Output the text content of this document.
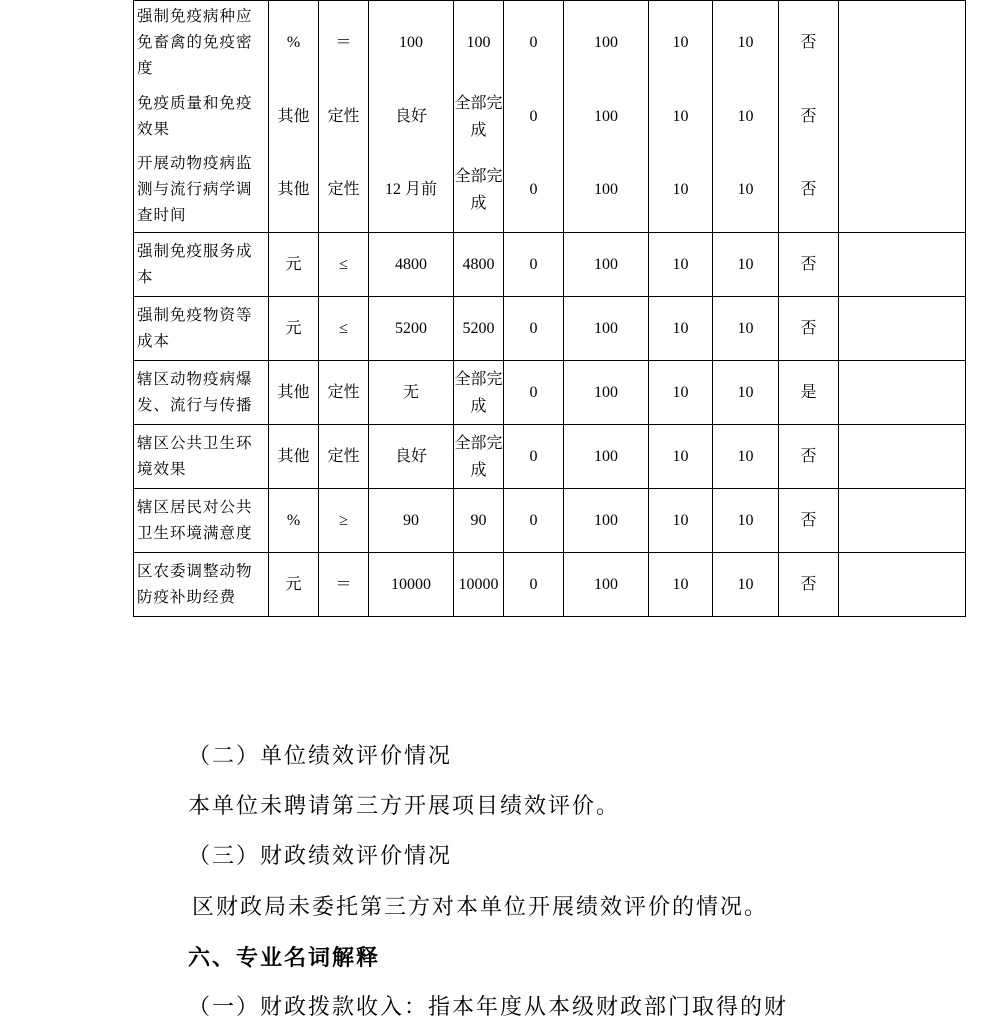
强制免疫病种应免畜禽的免疫密度	%	＝	100	100	0	100	10	10	否	
免疫质量和免疫效果	其他	定性	良好	全部完成	0	100	10	10	否	
开展动物疫病监测与流行病学调查时间	其他	定性	12 月前	全部完成	0	100	10	10	否	
强制免疫服务成本	元	≤	4800	4800	0	100	10	10	否	
强制免疫物资等成本	元	≤	5200	5200	0	100	10	10	否	
辖区动物疫病爆发、流行与传播	其他	定性	无	全部完成	0	100	10	10	是	
辖区公共卫生环境效果	其他	定性	良好	全部完成	0	100	10	10	否	
辖区居民对公共卫生环境满意度	%	≥	90	90	0	100	10	10	否	
区农委调整动物防疫补助经费	元	＝	10000	10000	0	100	10	10	否	
（二）单位绩效评价情况
本单位未聘请第三方开展项目绩效评价。
（三）财政绩效评价情况
区财政局未委托第三方对本单位开展绩效评价的情况。
六、专业名词解释
（一）财政拨款收入：指本年度从本级财政部门取得的财
